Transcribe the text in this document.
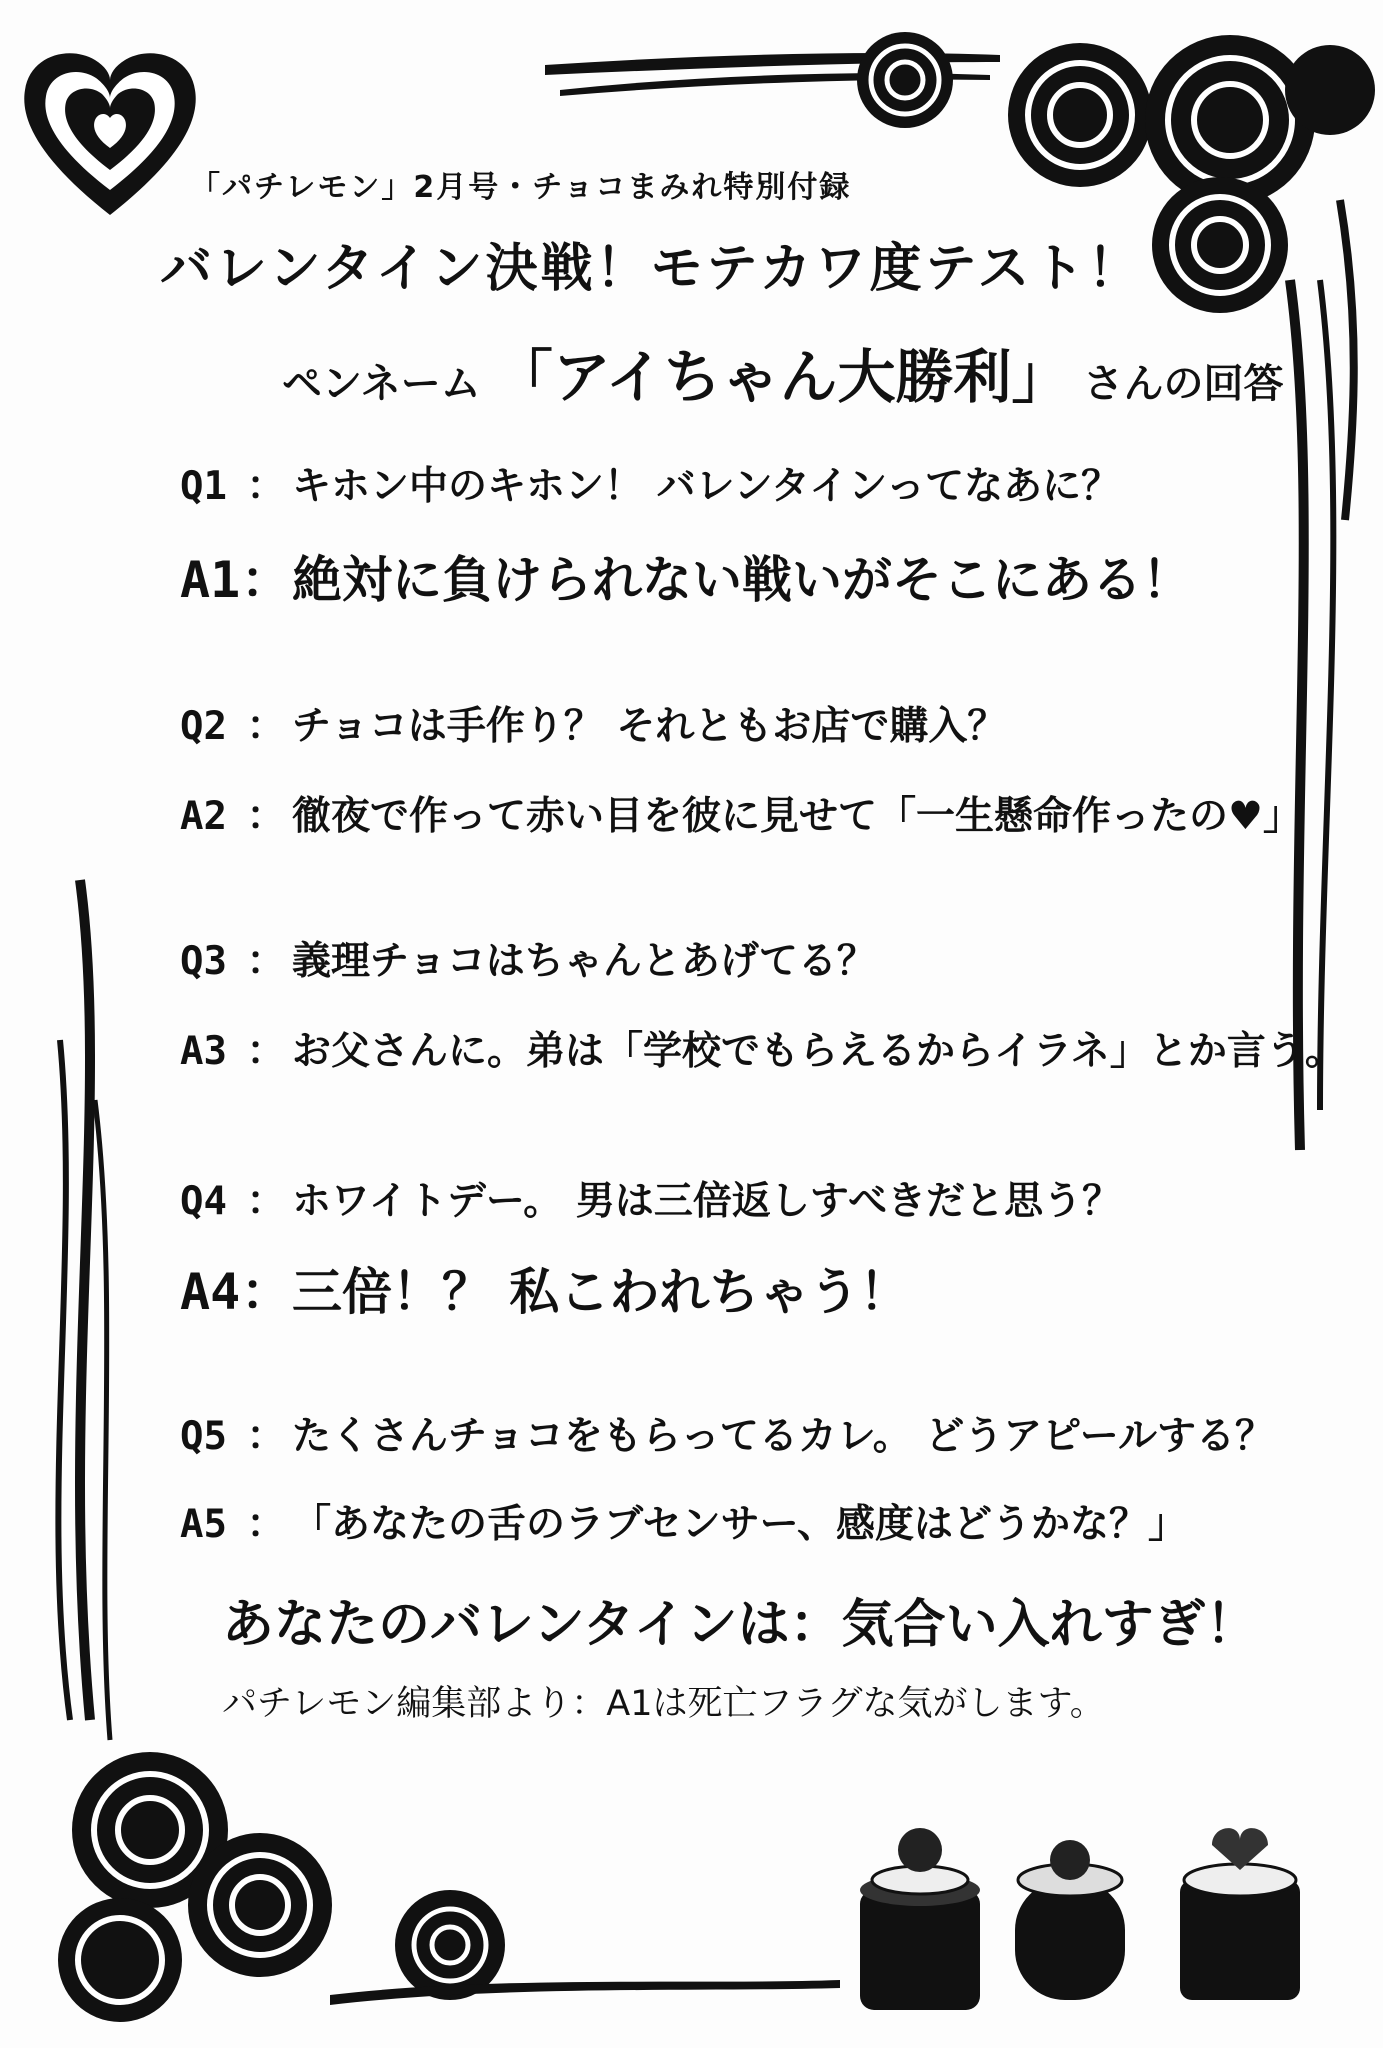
「パチレモン」2月号・チョコまみれ特別付録
バレンタイン決戦！モテカワ度テスト！
ペンネーム 「アイちゃん大勝利」 さんの回答
Q1 ： キホン中のキホン！ バレンタインってなあに？
A1：絶対に負けられない戦いがそこにある！
Q2 ： チョコは手作り？ それともお店で購入？
A2 ： 徹夜で作って赤い目を彼に見せて「一生懸命作ったの♥」
Q3 ： 義理チョコはちゃんとあげてる？
A3 ： お父さんに。弟は「学校でもらえるからイラネ」とか言う。
Q4 ： ホワイトデー。 男は三倍返しすべきだと思う？
A4：三倍！？ 私こわれちゃう！
Q5 ： たくさんチョコをもらってるカレ。 どうアピールする？
A5 ： 「あなたの舌のラブセンサー、感度はどうかな？」
あなたのバレンタインは：気合い入れすぎ！
パチレモン編集部より：A1は死亡フラグな気がします。
